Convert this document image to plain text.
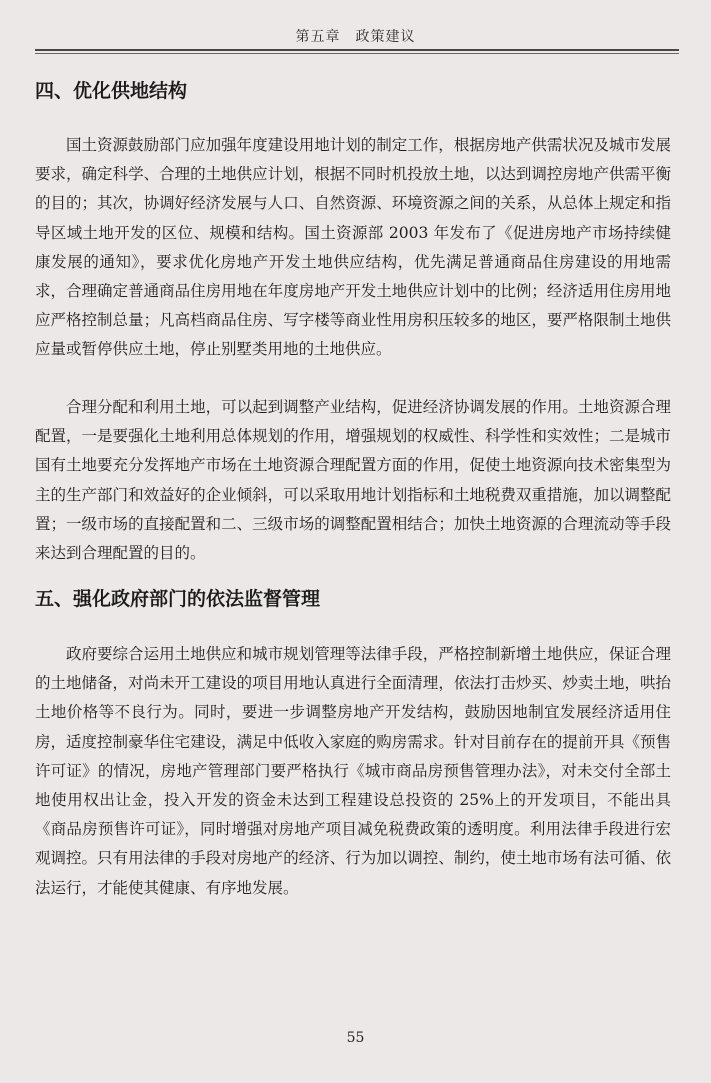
第五章　政策建议
四、优化供地结构

国土资源鼓励部门应加强年度建设用地计划的制定工作，根据房地产供需状况及城市发展要求，确定科学、合理的土地供应计划，根据不同时机投放土地，以达到调控房地产供需平衡的目的；其次，协调好经济发展与人口、自然资源、环境资源之间的关系，从总体上规定和指导区域土地开发的区位、规模和结构。国土资源部 2003 年发布了《促进房地产市场持续健康发展的通知》，要求优化房地产开发土地供应结构，优先满足普通商品住房建设的用地需求，合理确定普通商品住房用地在年度房地产开发土地供应计划中的比例；经济适用住房用地应严格控制总量；凡高档商品住房、写字楼等商业性用房积压较多的地区，要严格限制土地供应量或暂停供应土地，停止别墅类用地的土地供应。

合理分配和利用土地，可以起到调整产业结构，促进经济协调发展的作用。土地资源合理配置，一是要强化土地利用总体规划的作用，增强规划的权威性、科学性和实效性；二是城市国有土地要充分发挥地产市场在土地资源合理配置方面的作用，促使土地资源向技术密集型为主的生产部门和效益好的企业倾斜，可以采取用地计划指标和土地税费双重措施，加以调整配置；一级市场的直接配置和二、三级市场的调整配置相结合；加快土地资源的合理流动等手段来达到合理配置的目的。

五、强化政府部门的依法监督管理

政府要综合运用土地供应和城市规划管理等法律手段，严格控制新增土地供应，保证合理的土地储备，对尚未开工建设的项目用地认真进行全面清理，依法打击炒买、炒卖土地，哄抬土地价格等不良行为。同时，要进一步调整房地产开发结构，鼓励因地制宜发展经济适用住房，适度控制豪华住宅建设，满足中低收入家庭的购房需求。针对目前存在的提前开具《预售许可证》的情况，房地产管理部门要严格执行《城市商品房预售管理办法》，对未交付全部土地使用权出让金，投入开发的资金未达到工程建设总投资的 25%上的开发项目，不能出具《商品房预售许可证》，同时增强对房地产项目减免税费政策的透明度。利用法律手段进行宏观调控。只有用法律的手段对房地产的经济、行为加以调控、制约，使土地市场有法可循、依法运行，才能使其健康、有序地发展。

55
